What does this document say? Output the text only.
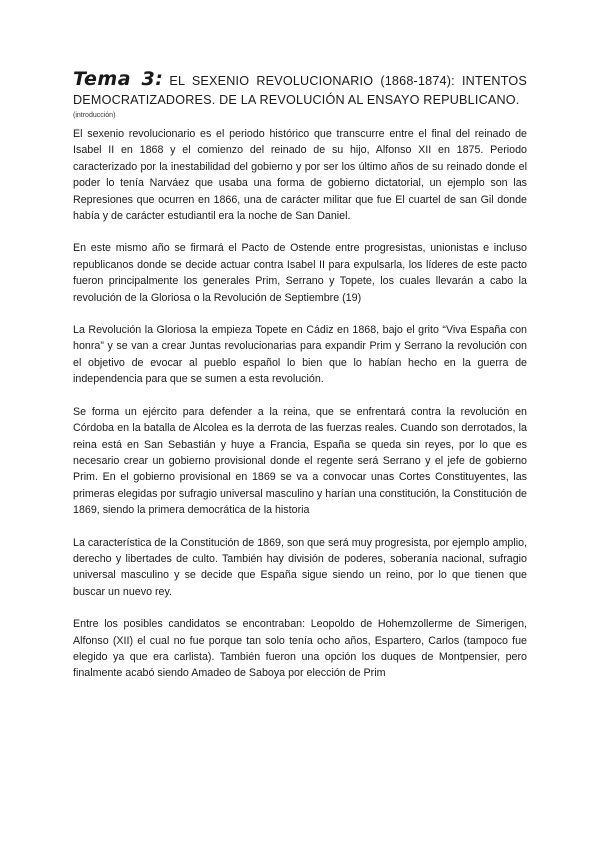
Tema 3: EL SEXENIO REVOLUCIONARIO (1868-1874): INTENTOS DEMOCRATIZADORES. DE LA REVOLUCIÓN AL ENSAYO REPUBLICANO.
(introducción)

El sexenio revolucionario es el periodo histórico que transcurre entre el final del reinado de Isabel II en 1868 y el comienzo del reinado de su hijo, Alfonso XII en 1875. Periodo caracterizado por la inestabilidad del gobierno y por ser los último años de su reinado donde el poder lo tenía Narváez que usaba una forma de gobierno dictatorial, un ejemplo son las Represiones que ocurren en 1866, una de carácter militar que fue El cuartel de san Gil donde había y de carácter estudiantil era la noche de San Daniel.

En este mismo año se firmará el Pacto de Ostende entre progresistas, unionistas e incluso republicanos donde se decide actuar contra Isabel II para expulsarla, los líderes de este pacto fueron principalmente los generales Prim, Serrano y Topete, los cuales llevarán a cabo la revolución de la Gloriosa o la Revolución de Septiembre (19)

La Revolución la Gloriosa la empieza Topete en Cádiz en 1868, bajo el grito “Viva España con honra” y se van a crear Juntas revolucionarias para expandir Prim y Serrano la revolución con el objetivo de evocar al pueblo español lo bien que lo habían hecho en la guerra de independencia para que se sumen a esta revolución.

Se forma un ejército para defender a la reina, que se enfrentará contra la revolución en Córdoba en la batalla de Alcolea es la derrota de las fuerzas reales. Cuando son derrotados, la reina está en San Sebastián y huye a Francia, España se queda sin reyes, por lo que es necesario crear un gobierno provisional donde el regente será Serrano y el jefe de gobierno Prim. En el gobierno provisional en 1869 se va a convocar unas Cortes Constituyentes, las primeras elegidas por sufragio universal masculino y harían una constitución, la Constitución de 1869, siendo la primera democrática de la historia

La característica de la Constitución de 1869, son que será muy progresista, por ejemplo amplio, derecho y libertades de culto. También hay división de poderes, soberanía nacional, sufragio universal masculino y se decide que España sigue siendo un reino, por lo que tienen que buscar un nuevo rey.

Entre los posibles candidatos se encontraban: Leopoldo de Hohemzollerme de Simerigen, Alfonso (XII) el cual no fue porque tan solo tenía ocho años, Espartero, Carlos (tampoco fue elegido ya que era carlista). También fueron una opción los duques de Montpensier, pero finalmente acabó siendo Amadeo de Saboya por elección de Prim
